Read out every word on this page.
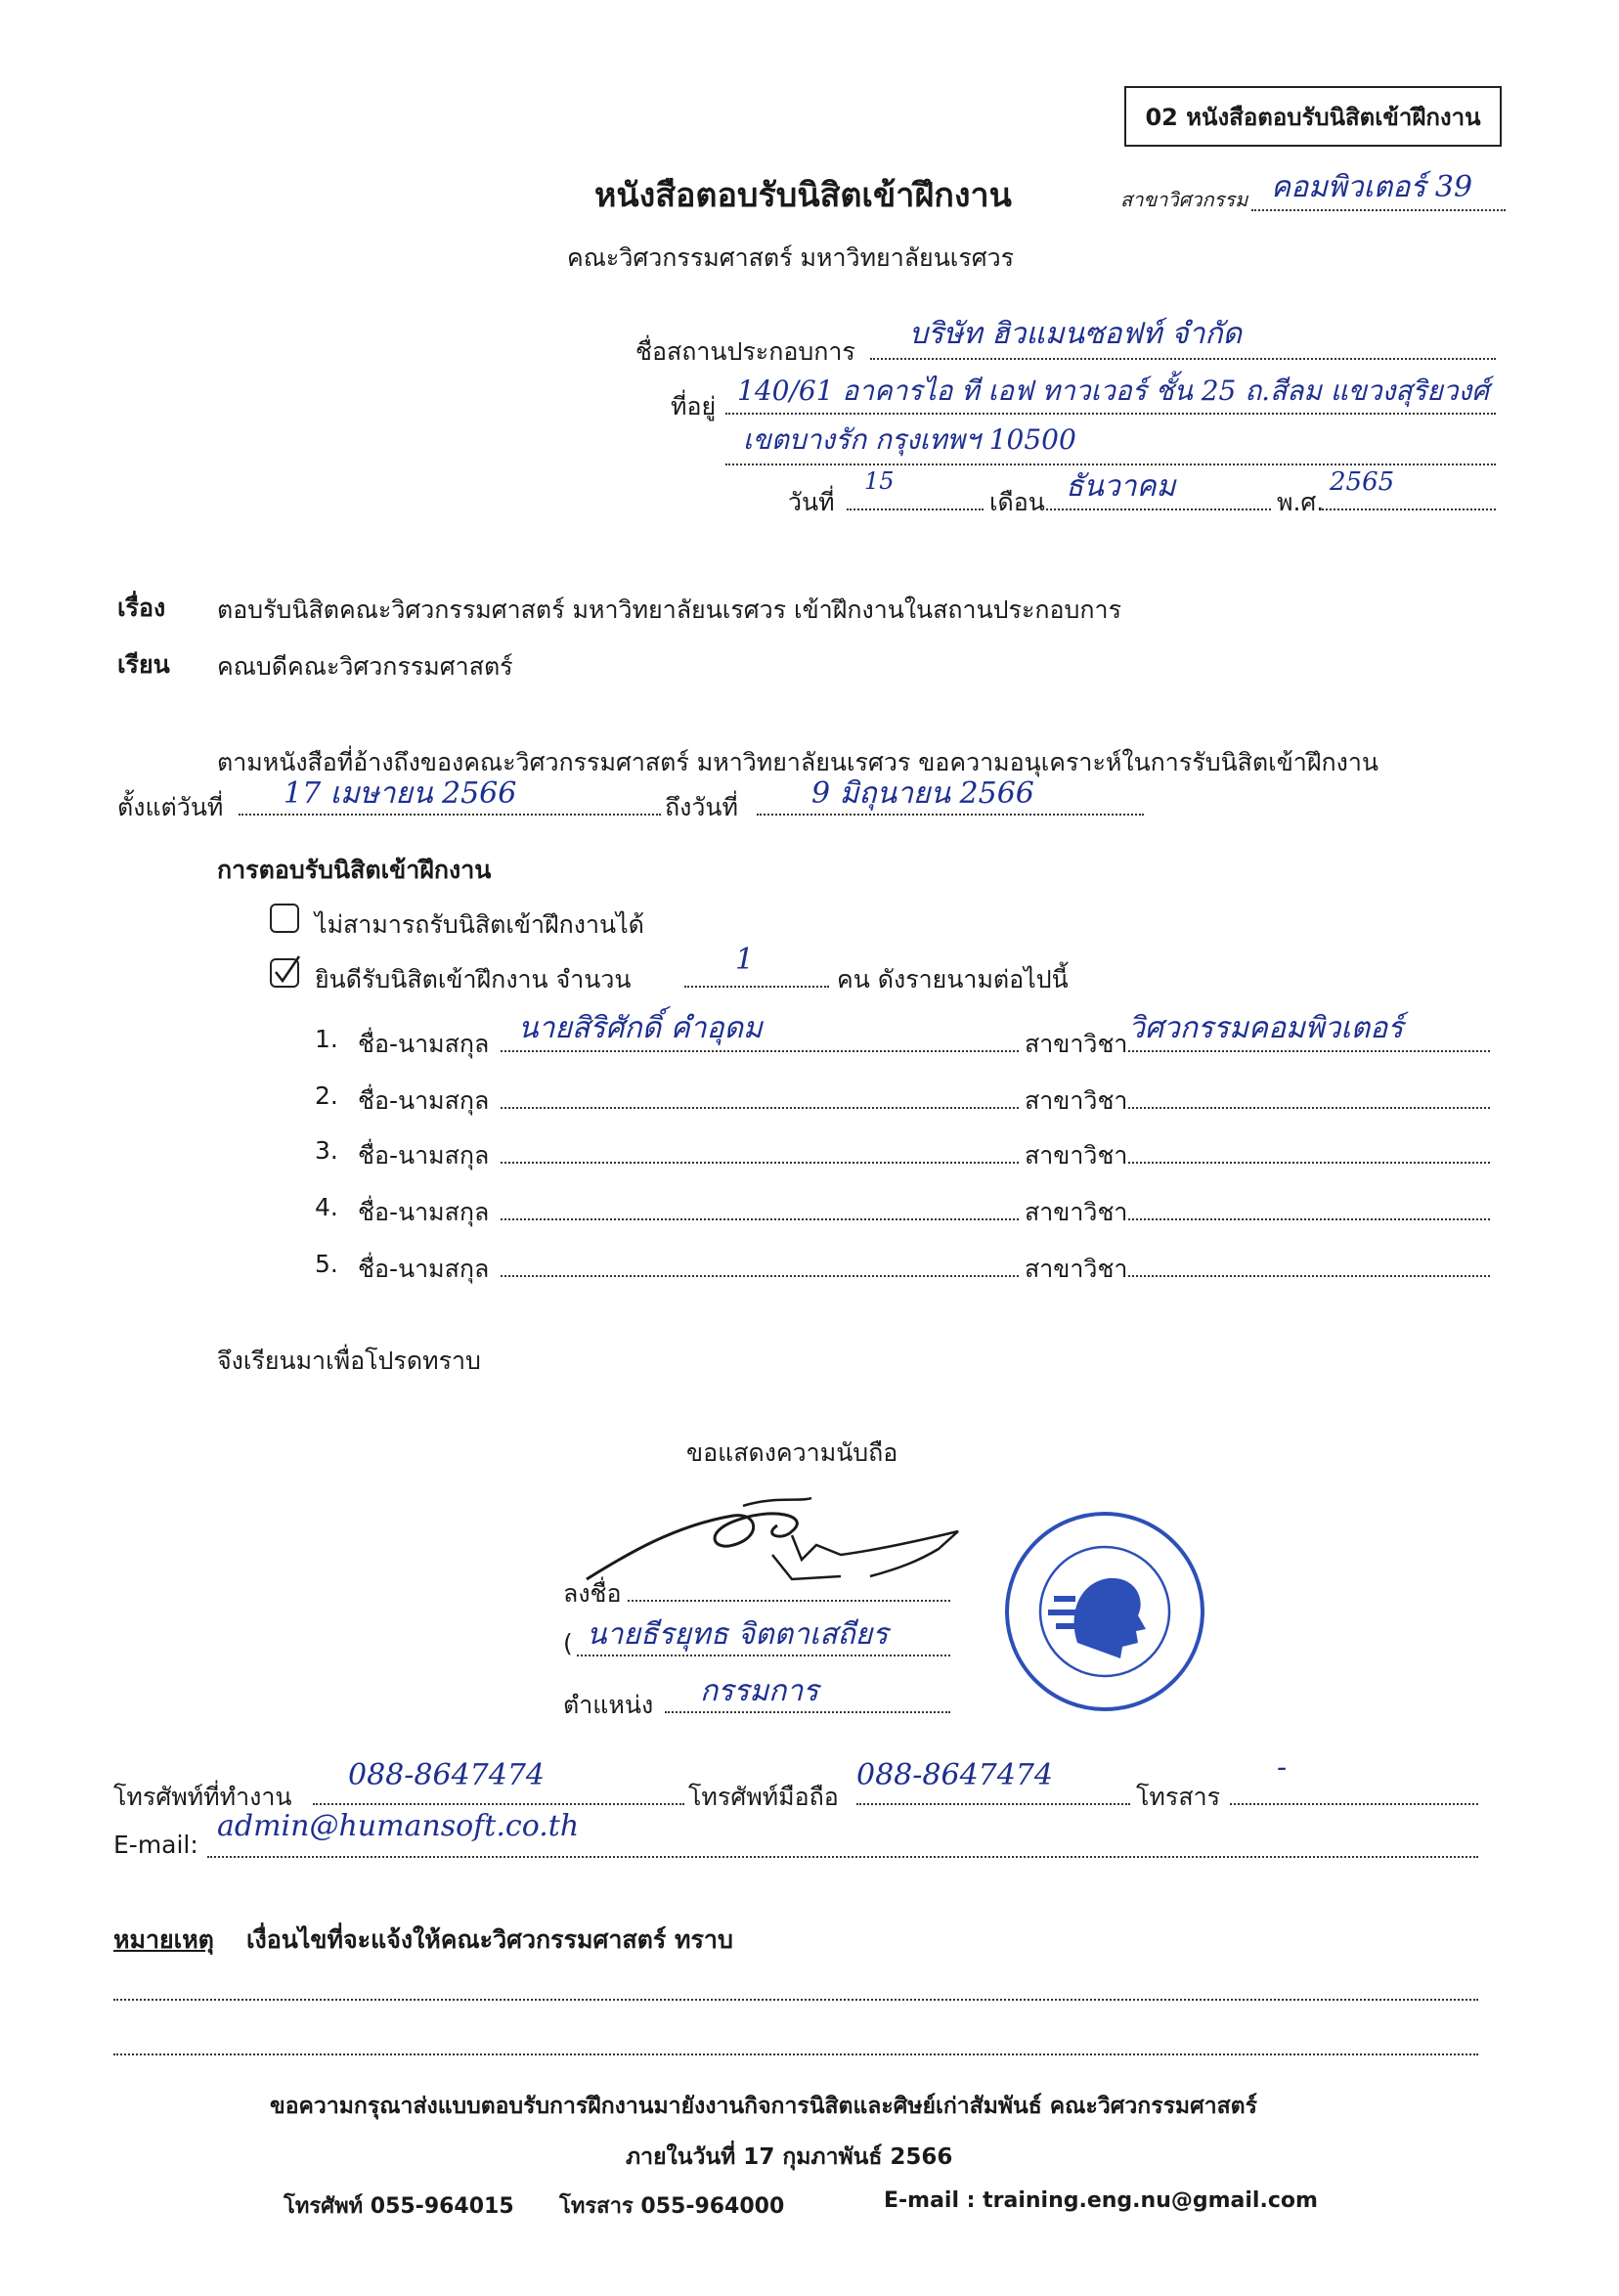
02 หนังสือตอบรับนิสิตเข้าฝึกงาน
หนังสือตอบรับนิสิตเข้าฝึกงาน	สาขาวิศวกรรม คอมพิวเตอร์ 39
คณะวิศวกรรมศาสตร์ มหาวิทยาลัยนเรศวร
ชื่อสถานประกอบการ
บริษัท ฮิวแมนซอฟท์ จำกัด
ที่อยู่ 140/61 อาคารไอ ที เอฟ ทาวเวอร์ ชั้น 25 ถ.สีลม แขวงสุริยวงศ์
เขตบางรัก กรุงเทพฯ 10500
วันที่
15
เดือน ธันวาคม	พ.ศ.
2565
เรื่อง ตอบรับนิสิตคณะวิศวกรรมศาสตร์ มหาวิทยาลัยนเรศวร เข้าฝึกงานในสถานประกอบการ
เรียน คณบดีคณะวิศวกรรมศาสตร์
ตามหนังสือที่อ้างถึงของคณะวิศวกรรมศาสตร์ มหาวิทยาลัยนเรศวร ขอความอนุเคราะห์ในการรับนิสิตเข้าฝึกงาน
ตั้งแต่วันที่ 17 เมษายน 2566	ถึงวันที่	9 มิถุนายน 2566
การตอบรับนิสิตเข้าฝึกงาน
ไม่สามารถรับนิสิตเข้าฝึกงานได้
ยินดีรับนิสิตเข้าฝึกงาน จำนวน
1
คน ดังรายนามต่อไปนี้
1. ชื่อ-นามสกุล นายสิริศักดิ์ คำอุดม	สาขาวิชา วิศวกรรมคอมพิวเตอร์
2. ชื่อ-นามสกุล	สาขาวิชา
3. ชื่อ-นามสกุล	สาขาวิชา
4. ชื่อ-นามสกุล	สาขาวิชา
5. ชื่อ-นามสกุล	สาขาวิชา
จึงเรียนมาเพื่อโปรดทราบ
ขอแสดงความนับถือ
ลงชื่อ
( นายธีรยุทธ จิตตาเสถียร
ตำแหน่ง กรรมการ
โทรศัพท์ที่ทำงาน
088-8647474
โทรศัพท์มือถือ
088-8647474
โทรสาร
-
E-mail:
admin@humansoft.co.th
หมายเหตุ เงื่อนไขที่จะแจ้งให้คณะวิศวกรรมศาสตร์ ทราบ
ขอความกรุณาส่งแบบตอบรับการฝึกงานมายังงานกิจการนิสิตและศิษย์เก่าสัมพันธ์ คณะวิศวกรรมศาสตร์
ภายในวันที่ 17 กุมภาพันธ์ 2566
โทรศัพท์ 055-964015 โทรสาร 055-964000	E-mail : training.eng.nu@gmail.com
